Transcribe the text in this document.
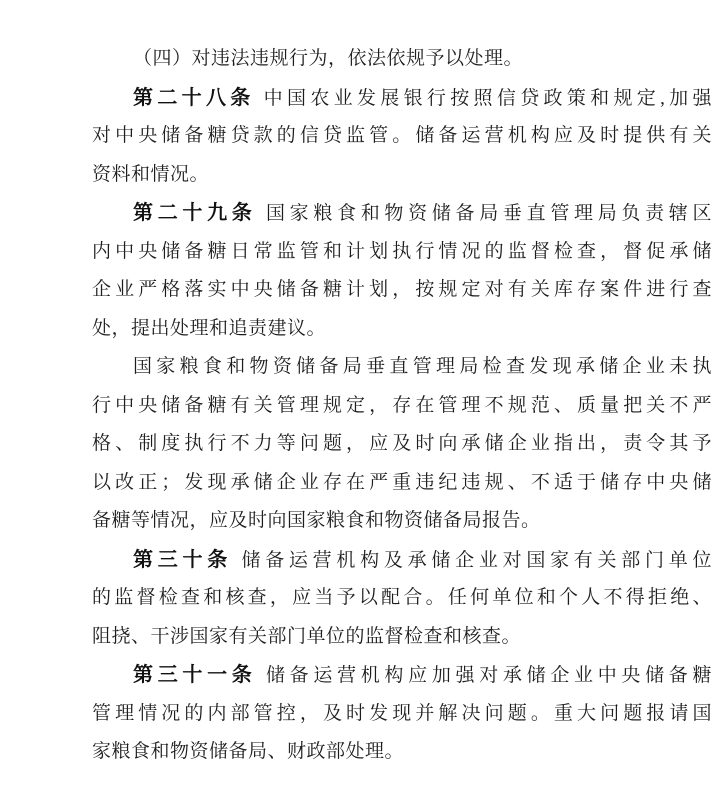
（四）对违法违规行为，依法依规予以处理。
第二十八条 中国农业发展银行按照信贷政策和规定,加强
对中央储备糖贷款的信贷监管。储备运营机构应及时提供有关
资料和情况。
第二十九条 国家粮食和物资储备局垂直管理局负责辖区
内中央储备糖日常监管和计划执行情况的监督检查，督促承储
企业严格落实中央储备糖计划，按规定对有关库存案件进行查
处，提出处理和追责建议。
国家粮食和物资储备局垂直管理局检查发现承储企业未执
行中央储备糖有关管理规定，存在管理不规范、质量把关不严
格、制度执行不力等问题，应及时向承储企业指出，责令其予
以改正；发现承储企业存在严重违纪违规、不适于储存中央储
备糖等情况，应及时向国家粮食和物资储备局报告。
第三十条 储备运营机构及承储企业对国家有关部门单位
的监督检查和核查，应当予以配合。任何单位和个人不得拒绝、
阻挠、干涉国家有关部门单位的监督检查和核查。
第三十一条 储备运营机构应加强对承储企业中央储备糖
管理情况的内部管控，及时发现并解决问题。重大问题报请国
家粮食和物资储备局、财政部处理。
